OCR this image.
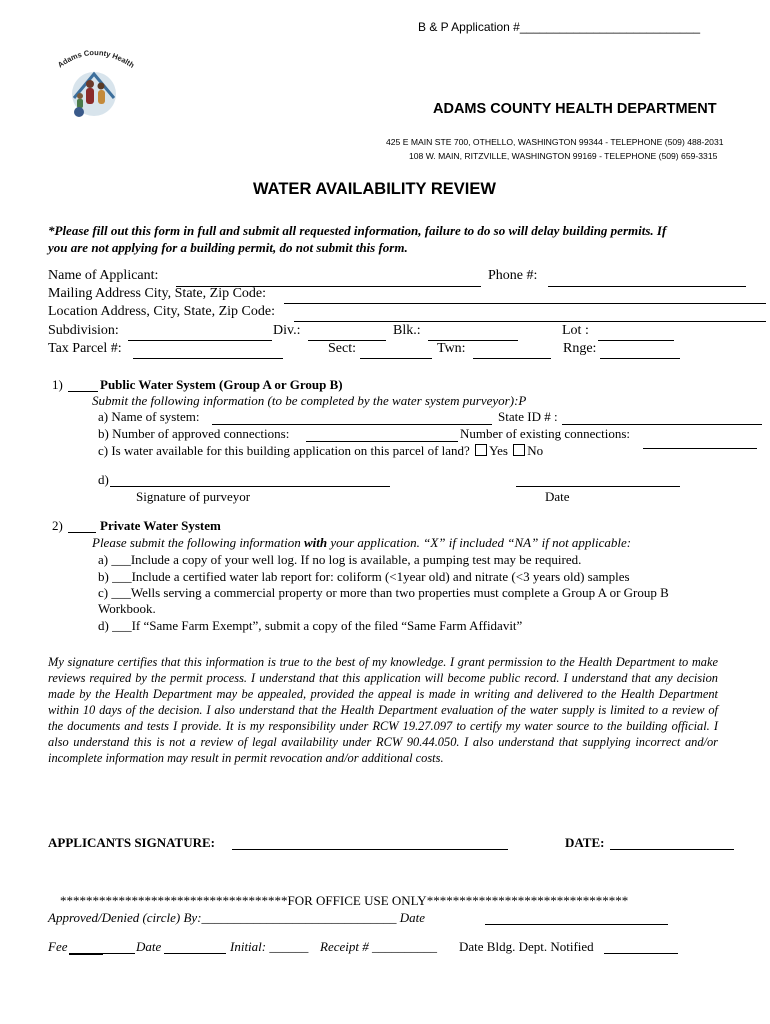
B & P Application #___________________________
Adams County Health
ADAMS COUNTY HEALTH DEPARTMENT
425 E MAIN STE 700, OTHELLO, WASHINGTON 99344 - TELEPHONE (509) 488-2031
108 W. MAIN, RITZVILLE, WASHINGTON 99169 - TELEPHONE (509) 659-3315
WATER AVAILABILITY REVIEW
*Please fill out this form in full and submit all requested information, failure to do so will delay building permits. If
you are not applying for a building permit, do not submit this form.
Name of Applicant:	Phone #:
Mailing Address City, State, Zip Code:
Location Address, City, State, Zip Code:
Subdivision:	Div.:	Blk.:	Lot :
Tax Parcel #:	Sect:	Twn:	Rnge:
1)	Public Water System (Group A or Group B)
Submit the following information (to be completed by the water system purveyor):P
a) Name of system:	State ID # :
b) Number of approved connections:	Number of existing connections:
c) Is water available for this building application on this parcel of land? Yes No
d)
Signature of purveyor	Date
2)	Private Water System
Please submit the following information with your application. “X” if included “NA” if not applicable:
a) ___Include a copy of your well log. If no log is available, a pumping test may be required.
b) ___Include a certified water lab report for: coliform (<1year old) and nitrate (<3 years old) samples
c) ___Wells serving a commercial property or more than two properties must complete a Group A or Group B
Workbook.
d) ___If “Same Farm Exempt”, submit a copy of the filed “Same Farm Affidavit”
My signature certifies that this information is true to the best of my knowledge. I grant permission to the Health Department to make reviews required by the permit process. I understand that this application will become public record. I understand that any decision made by the Health Department may be appealed, provided the appeal is made in writing and delivered to the Health Department within 10 days of the decision. I also understand that the Health Department evaluation of the water supply is limited to a review of the documents and tests I provide. It is my responsibility under RCW 19.27.097 to certify my water source to the building official. I also understand this is not a review of legal availability under RCW 90.44.050. I also understand that supplying incorrect and/or incomplete information may result in permit revocation and/or additional costs.
APPLICANTS SIGNATURE:	DATE:
***********************************FOR OFFICE USE ONLY*******************************
Approved/Denied (circle) By:______________________________ Date
Fee	Date	Initial: ______ Receipt # __________ Date Bldg. Dept. Notified
